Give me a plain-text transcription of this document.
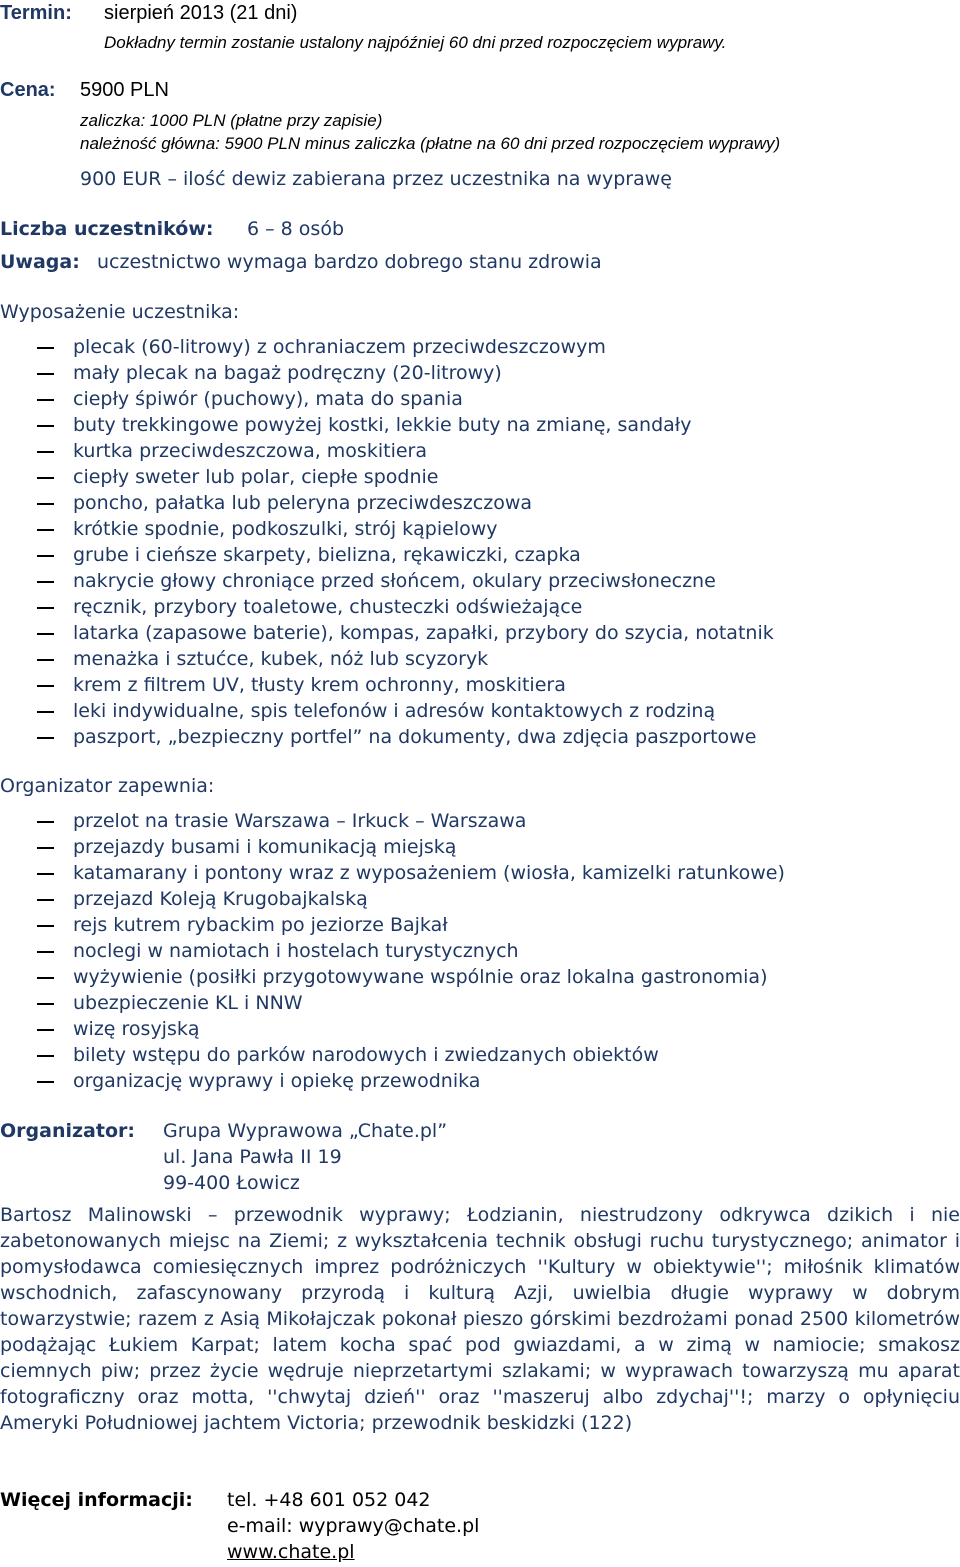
Termin: sierpień 2013 (21 dni)
Dokładny termin zostanie ustalony najpóźniej 60 dni przed rozpoczęciem wyprawy.
Cena: 5900 PLN
zaliczka: 1000 PLN (płatne przy zapisie)
należność główna: 5900 PLN minus zaliczka (płatne na 60 dni przed rozpoczęciem wyprawy)
900 EUR – ilość dewiz zabierana przez uczestnika na wyprawę
Liczba uczestników: 6 – 8 osób
Uwaga: uczestnictwo wymaga bardzo dobrego stanu zdrowia
Wyposażenie uczestnika:
plecak (60-litrowy) z ochraniaczem przeciwdeszczowym
mały plecak na bagaż podręczny (20-litrowy)
ciepły śpiwór (puchowy), mata do spania
buty trekkingowe powyżej kostki, lekkie buty na zmianę, sandały
kurtka przeciwdeszczowa, moskitiera
ciepły sweter lub polar, ciepłe spodnie
poncho, pałatka lub peleryna przeciwdeszczowa
krótkie spodnie, podkoszulki, strój kąpielowy
grube i cieńsze skarpety, bielizna, rękawiczki, czapka
nakrycie głowy chroniące przed słońcem, okulary przeciwsłoneczne
ręcznik, przybory toaletowe, chusteczki odświeżające
latarka (zapasowe baterie), kompas, zapałki, przybory do szycia, notatnik
menażka i sztućce, kubek, nóż lub scyzoryk
krem z filtrem UV, tłusty krem ochronny, moskitiera
leki indywidualne, spis telefonów i adresów kontaktowych z rodziną
paszport, „bezpieczny portfel” na dokumenty, dwa zdjęcia paszportowe
Organizator zapewnia:
przelot na trasie Warszawa – Irkuck – Warszawa
przejazdy busami i komunikacją miejską
katamarany i pontony wraz z wyposażeniem (wiosła, kamizelki ratunkowe)
przejazd Koleją Krugobajkalską
rejs kutrem rybackim po jeziorze Bajkał
noclegi w namiotach i hostelach turystycznych
wyżywienie (posiłki przygotowywane wspólnie oraz lokalna gastronomia)
ubezpieczenie KL i NNW
wizę rosyjską
bilety wstępu do parków narodowych i zwiedzanych obiektów
organizację wyprawy i opiekę przewodnika
Organizator: Grupa Wyprawowa „Chate.pl”
ul. Jana Pawła II 19
99-400 Łowicz

Bartosz Malinowski – przewodnik wyprawy; Łodzianin, niestrudzony odkrywca dzikich i nie zabetonowanych miejsc na Ziemi; z wykształcenia technik obsługi ruchu turystycznego; animator i pomysłodawca comiesięcznych imprez podróżniczych ''Kultury w obiektywie''; miłośnik klimatów wschodnich, zafascynowany przyrodą i kulturą Azji, uwielbia długie wyprawy w dobrym towarzystwie; razem z Asią Mikołajczak pokonał pieszo górskimi bezdrożami ponad 2500 kilometrów podążając Łukiem Karpat; latem kocha spać pod gwiazdami, a w zimą w namiocie; smakosz ciemnych piw; przez życie wędruje nieprzetartymi szlakami; w wyprawach towarzyszą mu aparat fotograficzny oraz motta, ''chwytaj dzień'' oraz ''maszeruj albo zdychaj''!; marzy o opłynięciu Ameryki Południowej jachtem Victoria; przewodnik beskidzki (122)

Więcej informacji: tel. +48 601 052 042
e-mail: wyprawy@chate.pl
www.chate.pl
